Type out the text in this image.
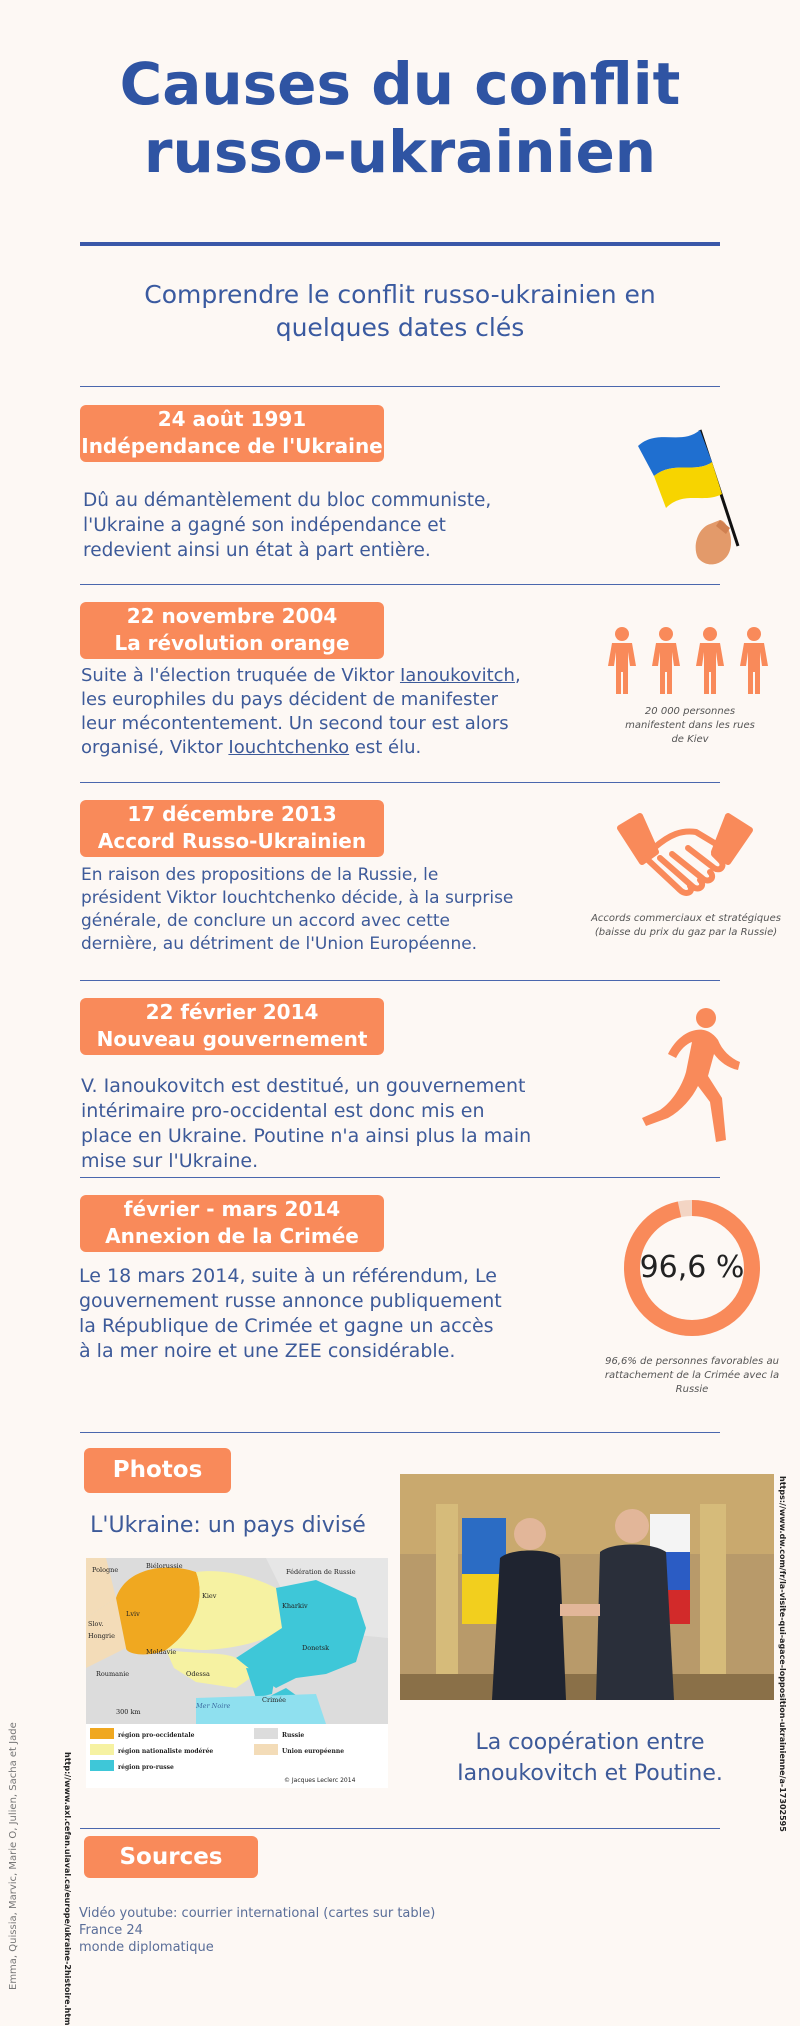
Causes du conflit
russo-ukrainien
Comprendre le conflit russo-ukrainien en
quelques dates clés
24 août 1991
Indépendance de l'Ukraine
Dû au démantèlement du bloc communiste,
l'Ukraine a gagné son indépendance et
redevient ainsi un état à part entière.
22 novembre 2004
La révolution orange
Suite à l'élection truquée de Viktor Ianoukovitch,
les europhiles du pays décident de manifester
leur mécontentement. Un second tour est alors
organisé, Viktor Iouchtchenko est élu.
20 000 personnes
manifestent dans les rues
de Kiev
17 décembre 2013
Accord Russo-Ukrainien
En raison des propositions de la Russie, le
président Viktor Iouchtchenko décide, à la surprise
générale, de conclure un accord avec cette
dernière, au détriment de l'Union Européenne.
Accords commerciaux et stratégiques
(baisse du prix du gaz par la Russie)
22 février 2014
Nouveau gouvernement
V. Ianoukovitch est destitué, un gouvernement
intérimaire pro-occidental est donc mis en
place en Ukraine. Poutine n'a ainsi plus la main
mise sur l'Ukraine.
février - mars 2014
Annexion de la Crimée
Le 18 mars 2014, suite à un référendum, Le
gouvernement russe annonce publiquement
la République de Crimée et gagne un accès
à la mer noire et une ZEE considérable.
96,6 %
96,6% de personnes favorables au
rattachement de la Crimée avec la
Russie
Photos
L'Ukraine: un pays divisé
http://www.axl.cefan.ulaval.ca/europe/ukraine-2histoire.htm
Biélorussie
Pologne	Fédération de Russie
Kiev
Lviv
Kharkiv
Moldavie	Donetsk
Roumanie	Odessa
Mer Noire
Crimée
Slov.
Hongrie
300 km
région pro-occidentale
région nationaliste modérée
région pro-russe
Russie
Union européenne
© Jacques Leclerc 2014	https://www.dw.com/fr/la-visite-qui-agace-lopposition-ukrainienne/a-17302595
La coopération entre
Ianoukovitch et Poutine.
Sources
Vidéo youtube: courrier international (cartes sur table)
France 24
monde diplomatique
Emma, Quissia, Marvic, Marie O, Julien, Sacha et Jade
